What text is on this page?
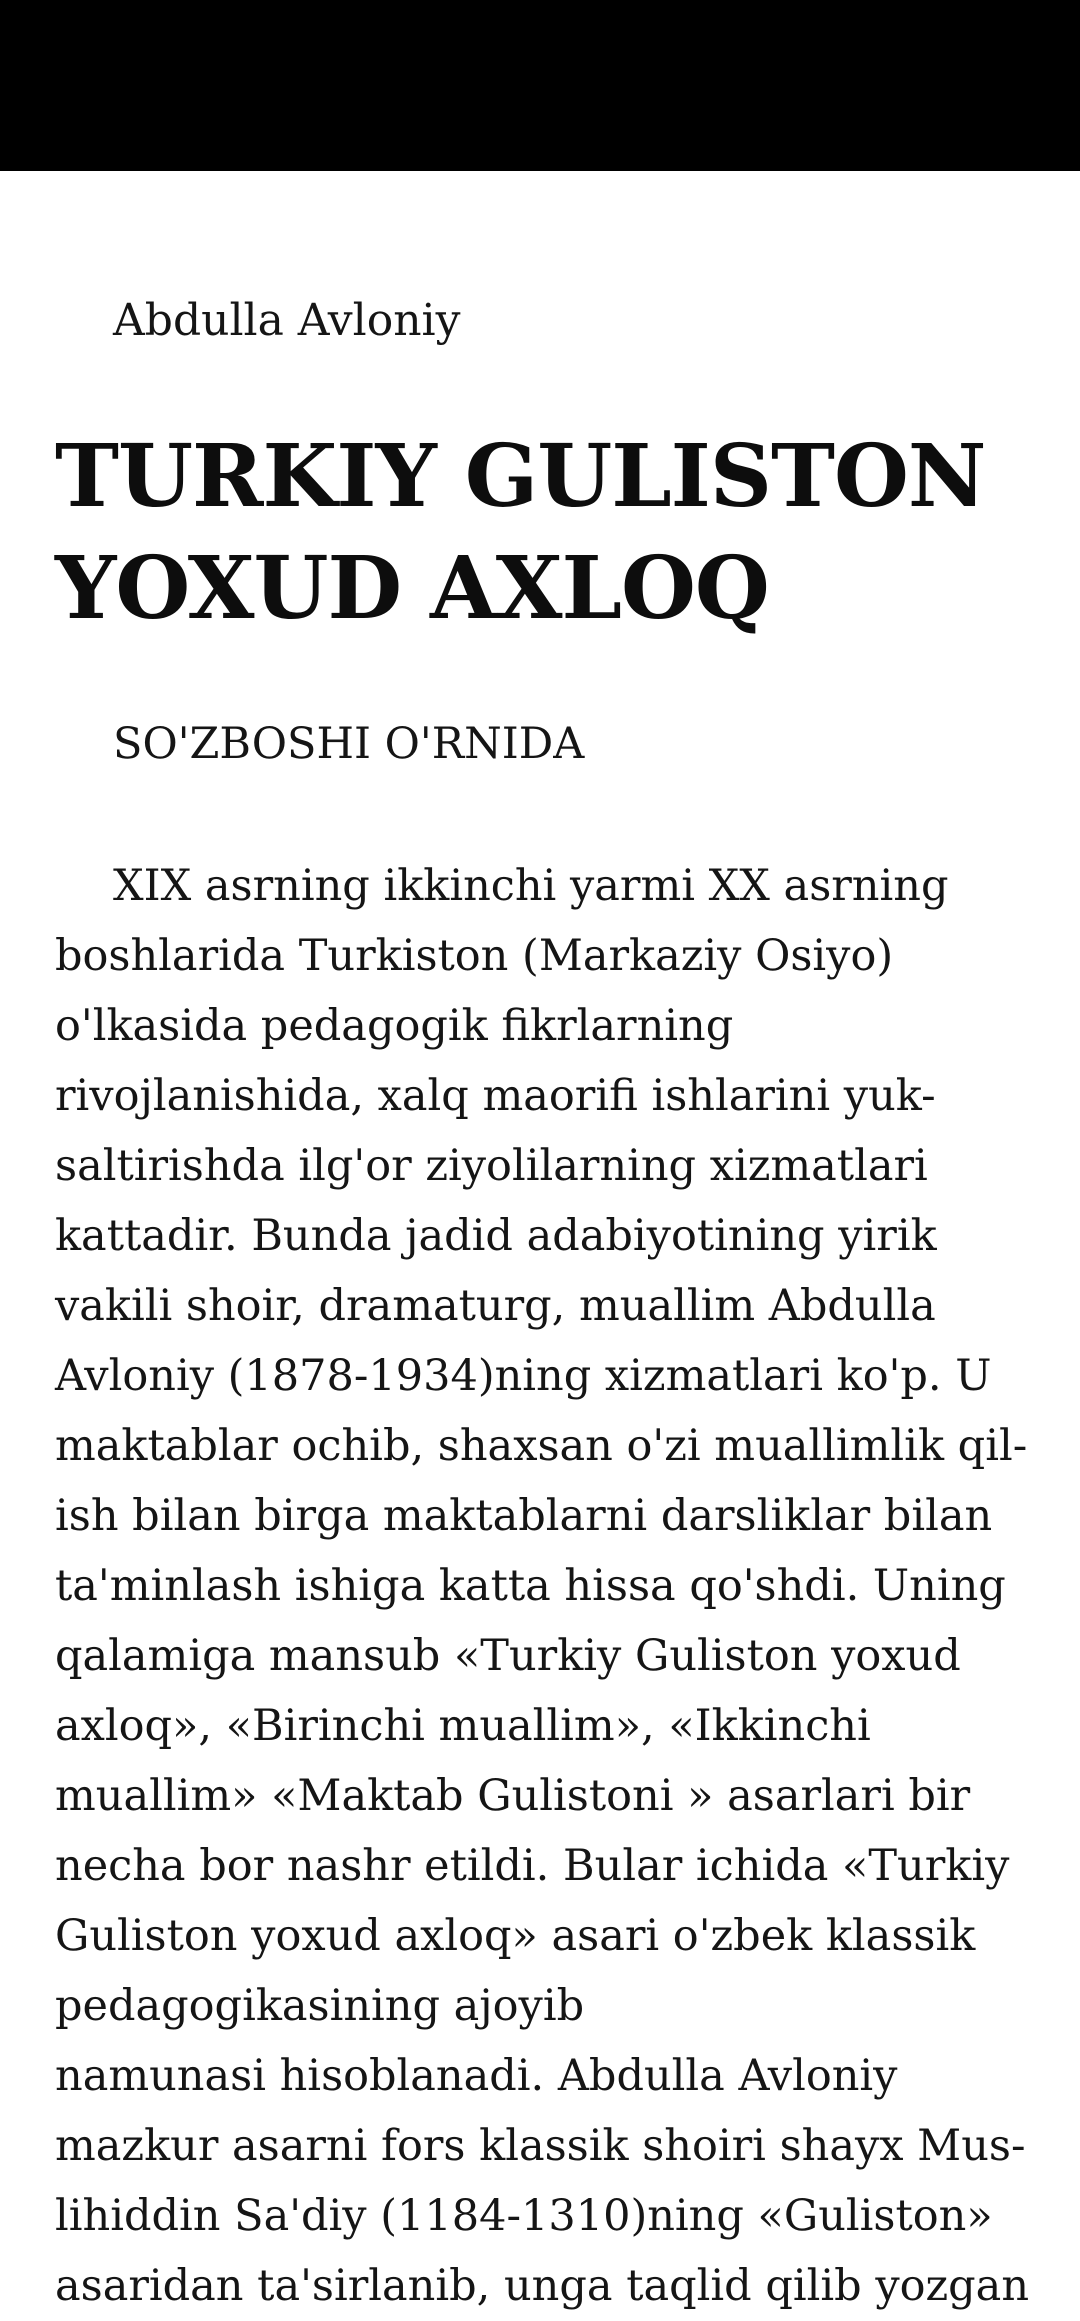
Abdulla Avloniy
TURKIY GULISTON
YOXUD AXLOQ
SO'ZBOSHI O'RNIDA
XIX asrning ikkinchi yarmi XX asrning
boshlarida Turkiston (Markaziy Osiyo)
o'lkasida pedagogik fikrlarning
rivojlanishida, xalq maorifi ishlarini yuk-
saltirishda ilg'or ziyolilarning xizmatlari
kattadir. Bunda jadid adabiyotining yirik
vakili shoir, dramaturg, muallim Abdulla
Avloniy (1878-1934)ning xizmatlari ko'p. U
maktablar ochib, shaxsan o'zi muallimlik qil-
ish bilan birga maktablarni darsliklar bilan
ta'minlash ishiga katta hissa qo'shdi. Uning
qalamiga mansub «Turkiy Guliston yoxud
axloq», «Birinchi muallim», «Ikkinchi
muallim» «Maktab Gulistoni » asarlari bir
necha bor nashr etildi. Bular ichida «Turkiy
Guliston yoxud axloq» asari o'zbek klassik
pedagogikasining ajoyib
namunasi hisoblanadi. Abdulla Avloniy
mazkur asarni fors klassik shoiri shayx Mus-
lihiddin Sa'diy (1184-1310)ning «Guliston»
asaridan ta'sirlanib, unga taqlid qilib yozgan
